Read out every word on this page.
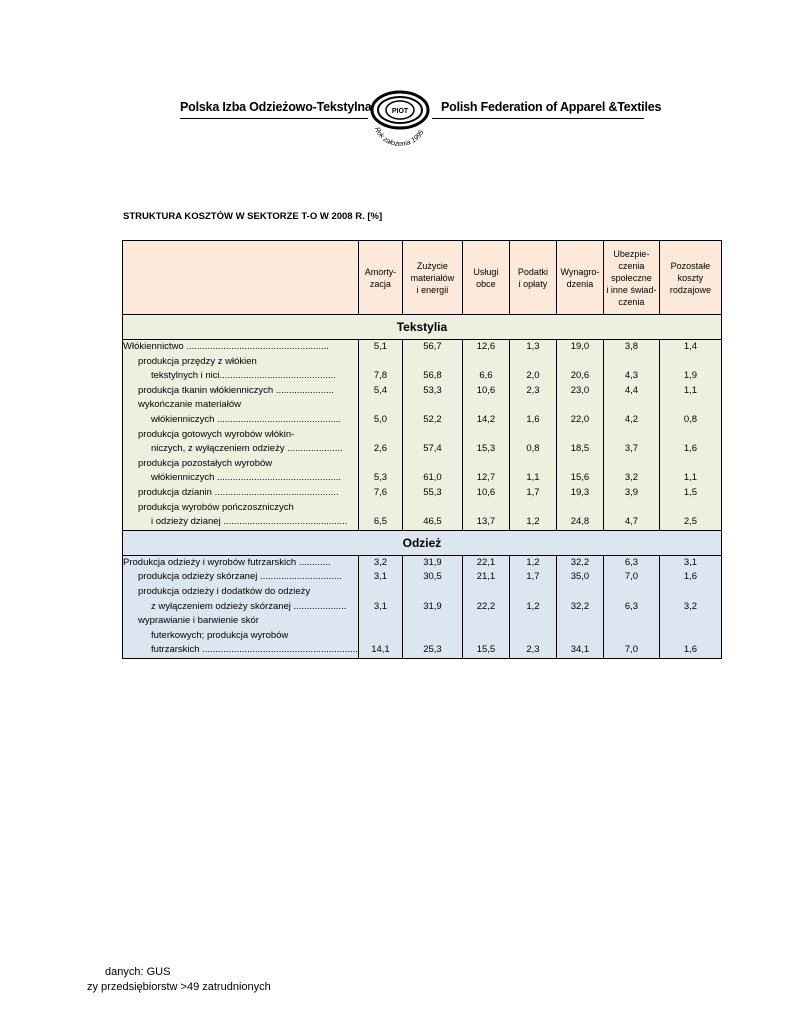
Polska Izba Odzieżowo-Tekstylna	PIOT
Rok założenia 1995
Polish Federation of Apparel &Textiles
STRUKTURA KOSZTÓW W SEKTORZE T-O W 2008 R. [%]
	Amorty-
zacja	Zużycie
materiałów
i energii	Usługi
obce	Podatki
i opłaty	Wynagro-
dzenia	Ubezpie-
czenia
społeczne
i inne świad-
czenia	Pozostałe
koszty
rodzajowe
Tekstylia							

Włókiennictwo ......................................................	5,1	56,7	12,6	1,3	19,0	3,8	1,4

produkcja przędzy z włókien
tekstylnych i nici............................................	7,8	56,8	6,6	2,0	20,6	4,3	1,9

produkcja tkanin włókienniczych ......................	5,4	53,3	10,6	2,3	23,0	4,4	1,1

wykończanie materiałów
włókienniczych ...............................................	5,0	52,2	14,2	1,6	22,0	4,2	0,8

produkcja gotowych wyrobów włókin-
niczych, z wyłączeniem odzieży .....................	2,6	57,4	15,3	0,8	18,5	3,7	1,6

produkcja pozostałych wyrobów
włókienniczych ...............................................	5,3	61,0	12,7	1,1	15,6	3,2	1,1

produkcja dzianin ...............................................	7,6	55,3	10,6	1,7	19,3	3,9	1,5

produkcja wyrobów pończoszniczych
i odzieży dzianej ...............................................	6,5	46,5	13,7	1,2	24,8	4,7	2,5
Odzież							

Produkcja odzieży i wyrobów futrzarskich ............	3,2	31,9	22,1	1,2	32,2	6,3	3,1

produkcja odzieży skórzanej ...............................	3,1	30,5	21,1	1,7	35,0	7,0	1,6

produkcja odzieży i dodatków do odzieży
z wyłączeniem odzieży skórzanej ....................	3,1	31,9	22,2	1,2	32,2	6,3	3,2

wyprawianie i barwienie skór
futerkowych; produkcja wyrobów
futrzarskich ...........................................................	14,1	25,3	15,5	2,3	34,1	7,0	1,6
danych: GUS
zy przedsiębiorstw >49 zatrudnionych
